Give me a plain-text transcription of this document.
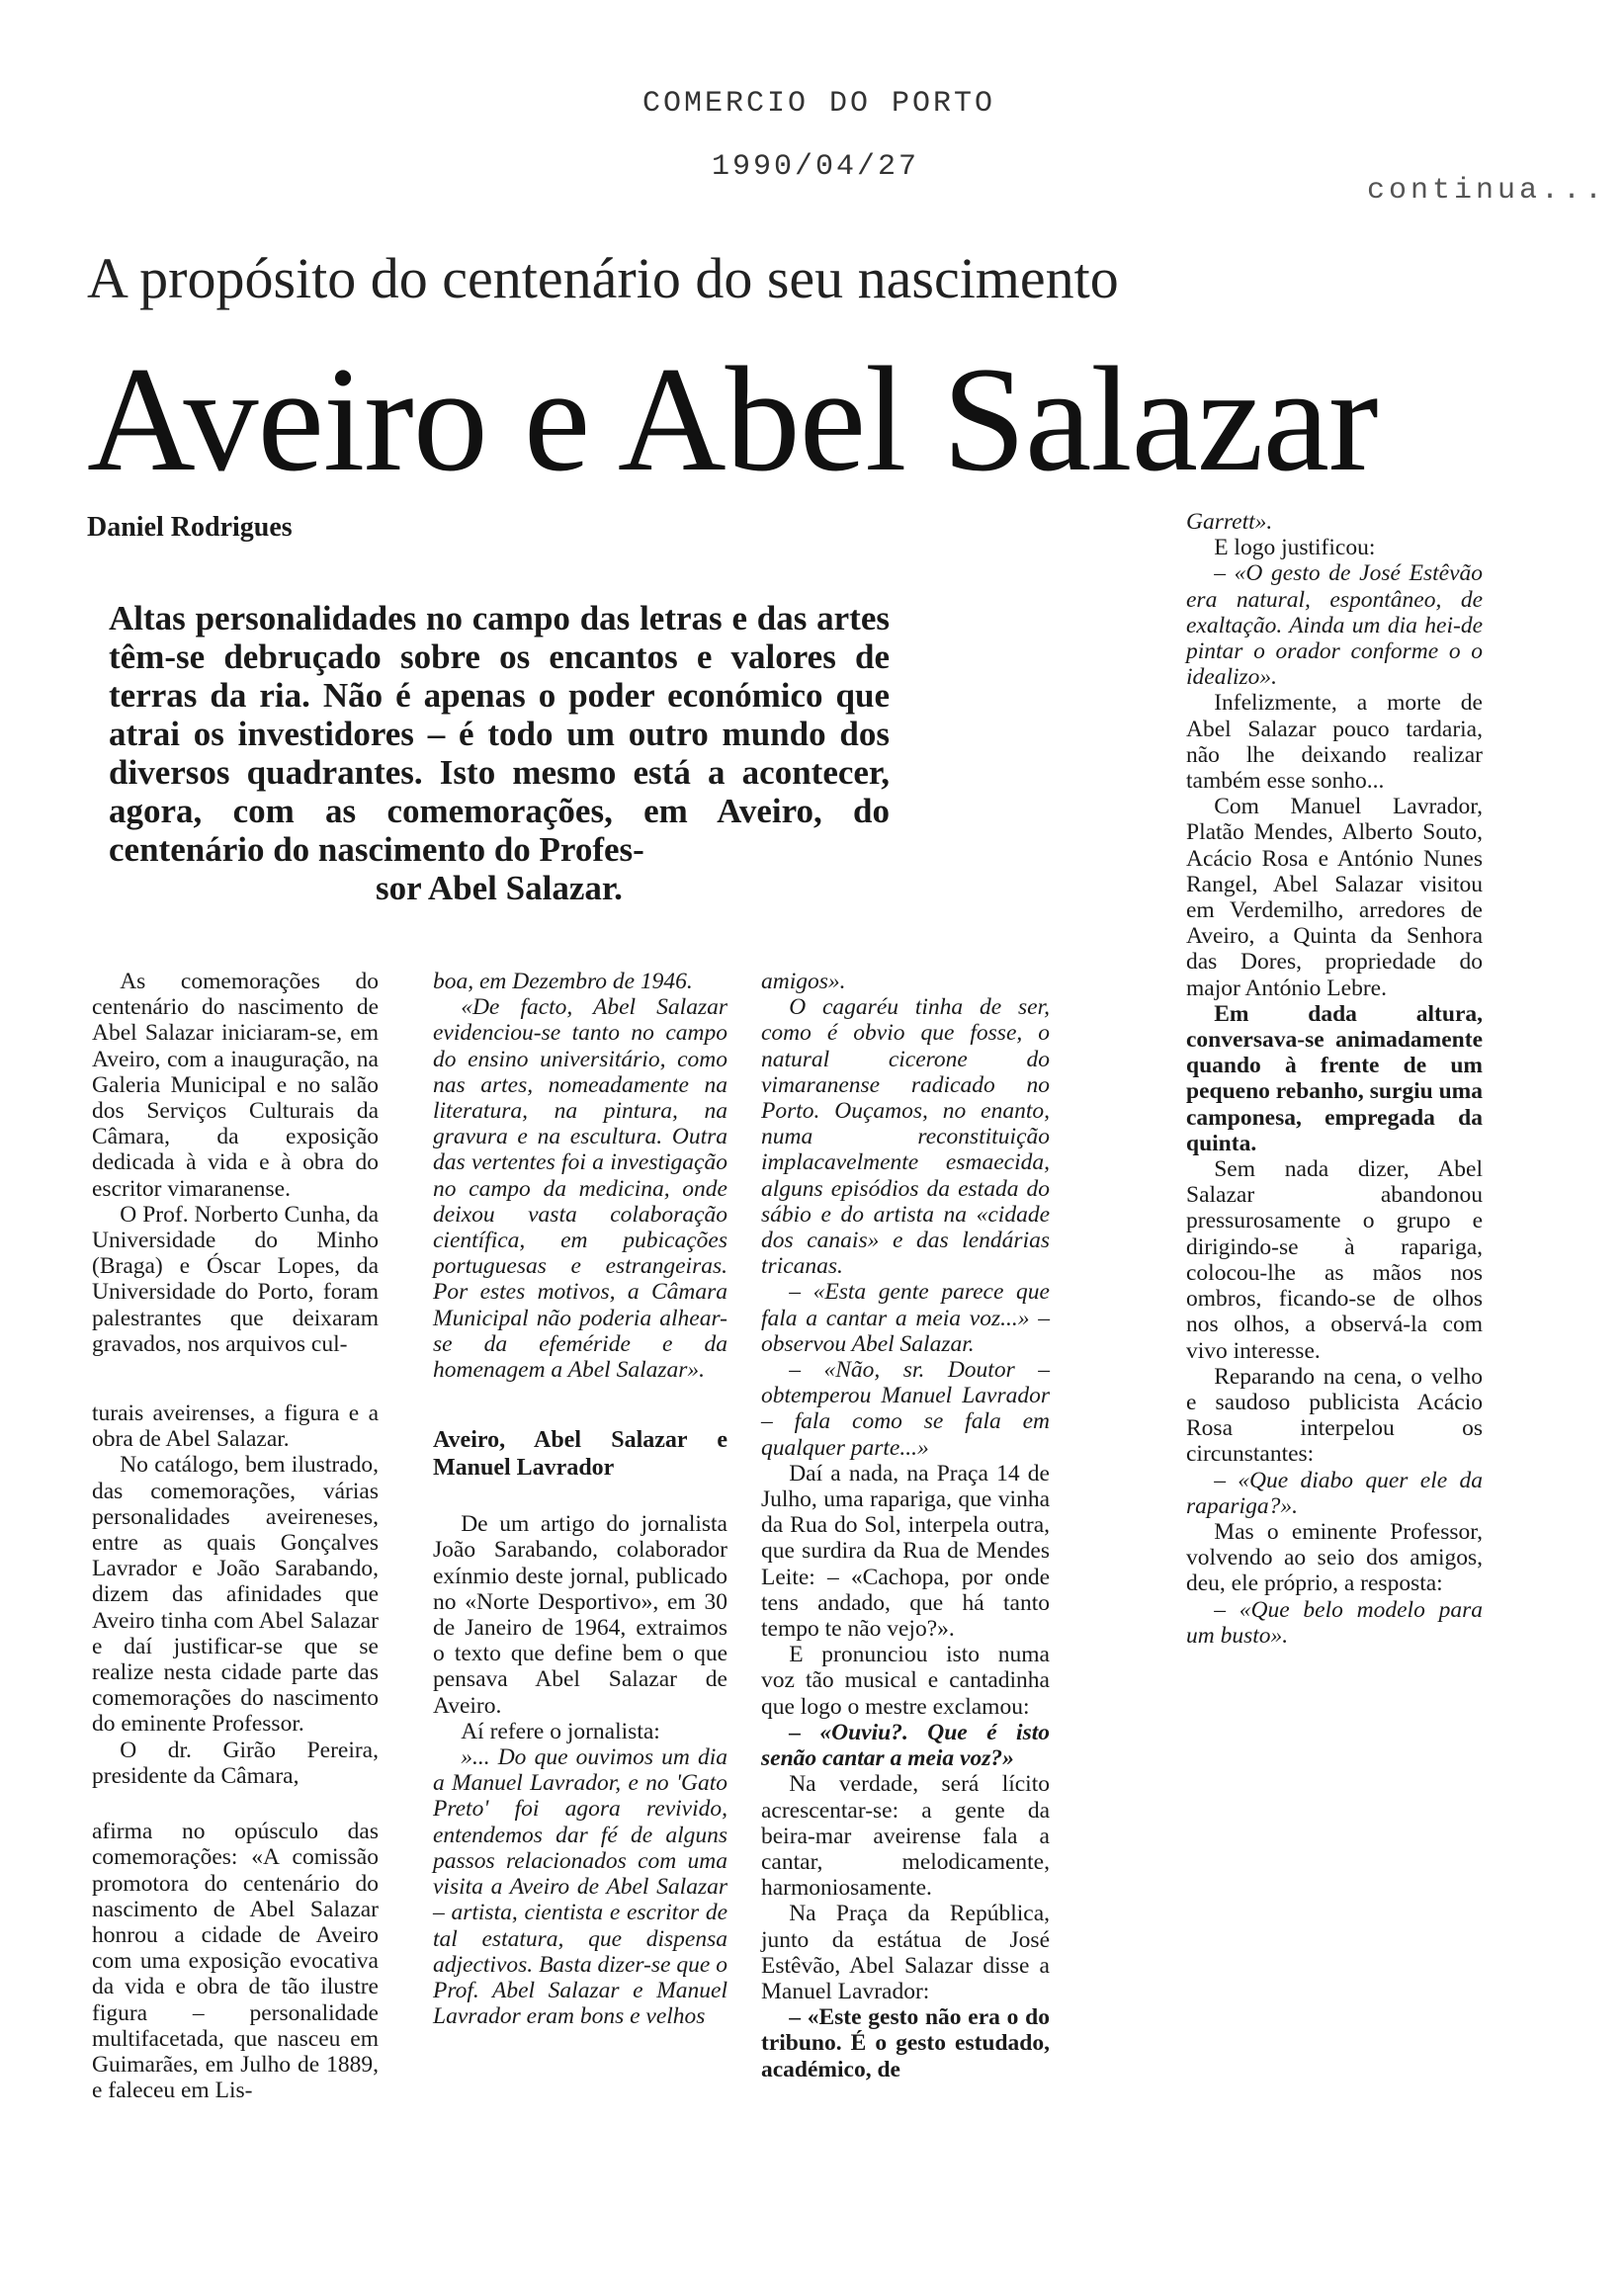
COMERCIO DO PORTO
1990/04/27
continua...
A propósito do centenário do seu nascimento
Aveiro e Abel Salazar
Daniel Rodrigues
Altas personalidades no campo das letras e das artes têm-se debruçado sobre os encantos e valores de terras da ria. Não é apenas o poder económico que atrai os investidores – é todo um outro mundo dos diversos quadrantes. Isto mesmo está a acontecer, agora, com as comemorações, em Aveiro, do centenário do nascimento do Profes-
sor Abel Salazar.

As comemorações do centenário do nascimento de Abel Salazar iniciaram-se, em Aveiro, com a inauguração, na Galeria Municipal e no salão dos Serviços Culturais da Câmara, da exposição dedicada à vida e à obra do escritor vimaranense.

O Prof. Norberto Cunha, da Universidade do Minho (Braga) e Óscar Lopes, da Universidade do Porto, foram palestrantes que deixaram gravados, nos arquivos cul-

turais aveirenses, a figura e a obra de Abel Salazar.

No catálogo, bem ilustrado, das comemorações, várias personalidades aveireneses, entre as quais Gonçalves Lavrador e João Sarabando, dizem das afinidades que Aveiro tinha com Abel Salazar e daí justificar-se que se realize nesta cidade parte das comemorações do nascimento do eminente Professor.

O dr. Girão Pereira, presidente da Câmara,

afirma no opúsculo das comemorações: «A comissão promotora do centenário do nascimento de Abel Salazar honrou a cidade de Aveiro com uma exposição evocativa da vida e obra de tão ilustre figura – personalidade multifacetada, que nasceu em Guimarães, em Julho de 1889, e faleceu em Lis-

boa, em Dezembro de 1946.

«De facto, Abel Salazar evidenciou-se tanto no campo do ensino universitário, como nas artes, nomeadamente na literatura, na pintura, na gravura e na escultura. Outra das vertentes foi a investigação no campo da medicina, onde deixou vasta colaboração científica, em pubicações portuguesas e estrangeiras. Por estes motivos, a Câmara Municipal não poderia alhear-se da efeméride e da homenagem a Abel Salazar».

Aveiro, Abel Salazar e Manuel Lavrador

De um artigo do jornalista João Sarabando, colaborador exínmio deste jornal, publicado no «Norte Desportivo», em 30 de Janeiro de 1964, extraimos o texto que define bem o que pensava Abel Salazar de Aveiro.

Aí refere o jornalista:

»... Do que ouvimos um dia a Manuel Lavrador, e no 'Gato Preto' foi agora revivido, entendemos dar fé de alguns passos relacionados com uma visita a Aveiro de Abel Salazar – artista, cientista e escritor de tal estatura, que dispensa adjectivos. Basta dizer-se que o Prof. Abel Salazar e Manuel Lavrador eram bons e velhos

amigos».

O cagaréu tinha de ser, como é obvio que fosse, o natural cicerone do vimaranense radicado no Porto. Ouçamos, no enanto, numa reconstituição implacavelmente esmaecida, alguns episódios da estada do sábio e do artista na «cidade dos canais» e das lendárias tricanas.

– «Esta gente parece que fala a cantar a meia voz...» – observou Abel Salazar.

– «Não, sr. Doutor – obtemperou Manuel Lavrador – fala como se fala em qualquer parte...»

Daí a nada, na Praça 14 de Julho, uma rapariga, que vinha da Rua do Sol, interpela outra, que surdira da Rua de Mendes Leite: – «Cachopa, por onde tens andado, que há tanto tempo te não vejo?».

E pronunciou isto numa voz tão musical e cantadinha que logo o mestre exclamou:

– «Ouviu?. Que é isto senão cantar a meia voz?»

Na verdade, será lícito acrescentar-se: a gente da beira-mar aveirense fala a cantar, melodicamente, harmoniosamente.

Na Praça da República, junto da estátua de José Estêvão, Abel Salazar disse a Manuel Lavrador:

– «Este gesto não era o do tribuno. É o gesto estudado, académico, de

Garrett».

E logo justificou:

– «O gesto de José Estêvão era natural, espontâneo, de exaltação. Ainda um dia hei-de pintar o orador conforme o o idealizo».

Infelizmente, a morte de Abel Salazar pouco tardaria, não lhe deixando realizar também esse sonho...

Com Manuel Lavrador, Platão Mendes, Alberto Souto, Acácio Rosa e António Nunes Rangel, Abel Salazar visitou em Verdemilho, arredores de Aveiro, a Quinta da Senhora das Dores, propriedade do major António Lebre.

Em dada altura, conversava-se animadamente quando à frente de um pequeno rebanho, surgiu uma camponesa, empregada da quinta.

Sem nada dizer, Abel Salazar abandonou pressurosamente o grupo e dirigindo-se à rapariga, colocou-lhe as mãos nos ombros, ficando-se de olhos nos olhos, a observá-la com vivo interesse.

Reparando na cena, o velho e saudoso publicista Acácio Rosa interpelou os circunstantes:

– «Que diabo quer ele da rapariga?».

Mas o eminente Professor, volvendo ao seio dos amigos, deu, ele próprio, a resposta:

– «Que belo modelo para um busto».
